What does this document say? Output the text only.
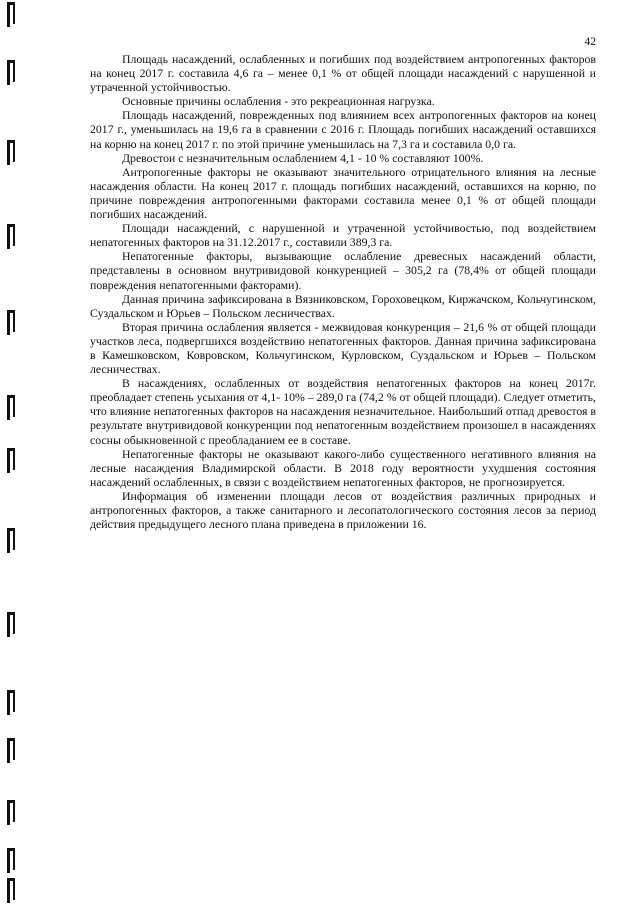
42

Площадь насаждений, ослабленных и погибших под воздействием антропогенных факторов на конец 2017 г. составила 4,6 га – менее 0,1 % от общей площади насаждений с нарушенной и утраченной устойчивостью.

Основные причины ослабления - это рекреационная нагрузка.

Площадь насаждений, поврежденных под влиянием всех антропогенных факторов на конец 2017 г., уменьшилась на 19,6 га в сравнении с 2016 г. Площадь погибших насаждений оставшихся на корню на конец 2017 г. по этой причине уменьшилась на 7,3 га и составила 0,0 га.

Древостои с незначительным ослаблением 4,1 - 10 % составляют 100%.

Антропогенные факторы не оказывают значительного отрицательного влияния на лесные насаждения области. На конец 2017 г. площадь погибших насаждений, оставшихся на корню, по причине повреждения антропогенными факторами составила менее 0,1 % от общей площади погибших насаждений.

Площади насаждений, с нарушенной и утраченной устойчивостью, под воздействием непатогенных факторов на 31.12.2017 г., составили 389,3 га.

Непатогенные факторы, вызывающие ослабление древесных насаждений области, представлены в основном внутривидовой конкуренцией – 305,2 га (78,4% от общей площади повреждения непатогенными факторами).

Данная причина зафиксирована в Вязниковском, Гороховецком, Киржачском, Кольчугинском, Суздальском и Юрьев – Польском лесничествах.

Вторая причина ослабления является - межвидовая конкуренция – 21,6 % от общей площади участков леса, подвергшихся воздействию непатогенных факторов. Данная причина зафиксирована в Камешковском, Ковровском, Кольчугинском, Курловском, Суздальском и Юрьев – Польском лесничествах.

В насаждениях, ослабленных от воздействия непатогенных факторов на конец 2017г. преобладает степень усыхания от 4,1- 10% – 289,0 га (74,2 % от общей площади). Следует отметить, что влияние непатогенных факторов на насаждения незначительное. Наибольший отпад древостоя в результате внутривидовой конкуренции под непатогенным воздействием произошел в насаждениях сосны обыкновенной с преобладанием ее в составе.

Непатогенные факторы не оказывают какого-либо существенного негативного влияния на лесные насаждения Владимирской области. В 2018 году вероятности ухудшения состояния насаждений ослабленных, в связи с воздействием непатогенных факторов, не прогнозируется.

Информация об изменении площади лесов от воздействия различных природных и антропогенных факторов, а также санитарного и лесопатологического состояния лесов за период действия предыдущего лесного плана приведена в приложении 16.
